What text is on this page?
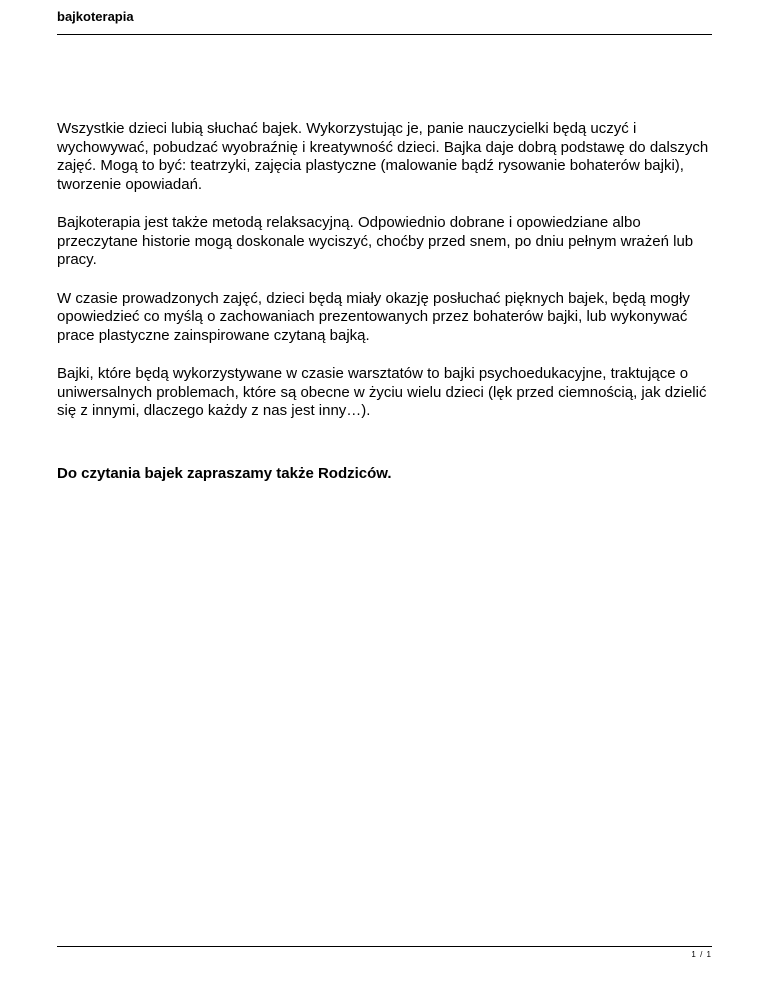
bajkoterapia

Wszystkie dzieci lubią słuchać bajek. Wykorzystując je, panie nauczycielki będą uczyć i wychowywać, pobudzać wyobraźnię i kreatywność dzieci. Bajka daje dobrą podstawę do dalszych zajęć. Mogą to być: teatrzyki, zajęcia plastyczne (malowanie bądź rysowanie bohaterów bajki), tworzenie opowiadań.

Bajkoterapia jest także metodą relaksacyjną. Odpowiednio dobrane i opowiedziane albo przeczytane historie mogą doskonale wyciszyć, choćby przed snem, po dniu pełnym wrażeń lub pracy.

W czasie prowadzonych zajęć, dzieci będą miały okazję posłuchać pięknych bajek, będą mogły opowiedzieć co myślą o zachowaniach prezentowanych przez bohaterów bajki, lub wykonywać prace plastyczne zainspirowane czytaną bajką.

Bajki, które będą wykorzystywane w czasie warsztatów to bajki psychoedukacyjne, traktujące o uniwersalnych problemach, które są obecne w życiu wielu dzieci (lęk przed ciemnością, jak dzielić się z innymi, dlaczego każdy z nas jest inny…).

Do czytania bajek zapraszamy także Rodziców.

1 / 1
